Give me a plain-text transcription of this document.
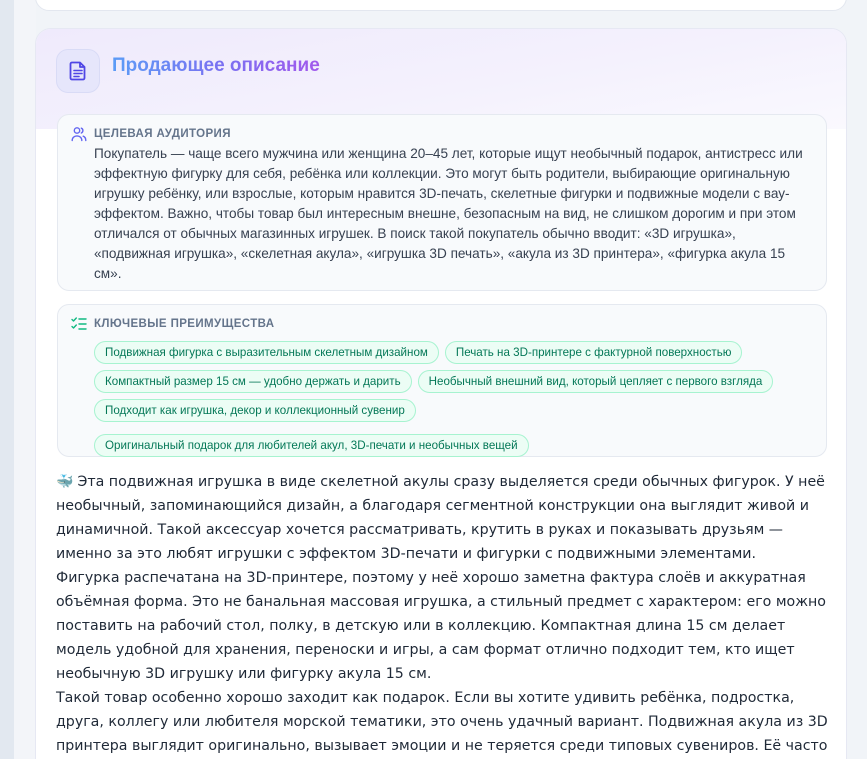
Продающее описание
ЦЕЛЕВАЯ АУДИТОРИЯ
Покупатель — чаще всего мужчина или женщина 20–45 лет, которые ищут необычный подарок, антистресс или эффектную фигурку для себя, ребёнка или коллекции. Это могут быть родители, выбирающие оригинальную игрушку ребёнку, или взрослые, которым нравится 3D-печать, скелетные фигурки и подвижные модели с вау-эффектом. Важно, чтобы товар был интересным внешне, безопасным на вид, не слишком дорогим и при этом отличался от обычных магазинных игрушек. В поиск такой покупатель обычно вводит: «3D игрушка», «подвижная игрушка», «скелетная акула», «игрушка 3D печать», «акула из 3D принтера», «фигурка акула 15 см».
КЛЮЧЕВЫЕ ПРЕИМУЩЕСТВА
Подвижная фигурка с выразительным скелетным дизайном	Печать на 3D-принтере с фактурной поверхностью
Компактный размер 15 см — удобно держать и дарить	Необычный внешний вид, который цепляет с первого взгляда
Подходит как игрушка, декор и коллекционный сувенир
Оригинальный подарок для любителей акул, 3D-печати и необычных вещей

🐳 Эта подвижная игрушка в виде скелетной акулы сразу выделяется среди обычных фигурок. У неё необычный, запоминающийся дизайн, а благодаря сегментной конструкции она выглядит живой и динамичной. Такой аксессуар хочется рассматривать, крутить в руках и показывать друзьям — именно за это любят игрушки с эффектом 3D-печати и фигурки с подвижными элементами.

Фигурка распечатана на 3D-принтере, поэтому у неё хорошо заметна фактура слоёв и аккуратная объёмная форма. Это не банальная массовая игрушка, а стильный предмет с характером: его можно поставить на рабочий стол, полку, в детскую или в коллекцию. Компактная длина 15 см делает модель удобной для хранения, переноски и игры, а сам формат отлично подходит тем, кто ищет необычную 3D игрушку или фигурку акула 15 см.

Такой товар особенно хорошо заходит как подарок. Если вы хотите удивить ребёнка, подростка, друга, коллегу или любителя морской тематики, это очень удачный вариант. Подвижная акула из 3D принтера выглядит оригинально, вызывает эмоции и не теряется среди типовых сувениров. Её часто
